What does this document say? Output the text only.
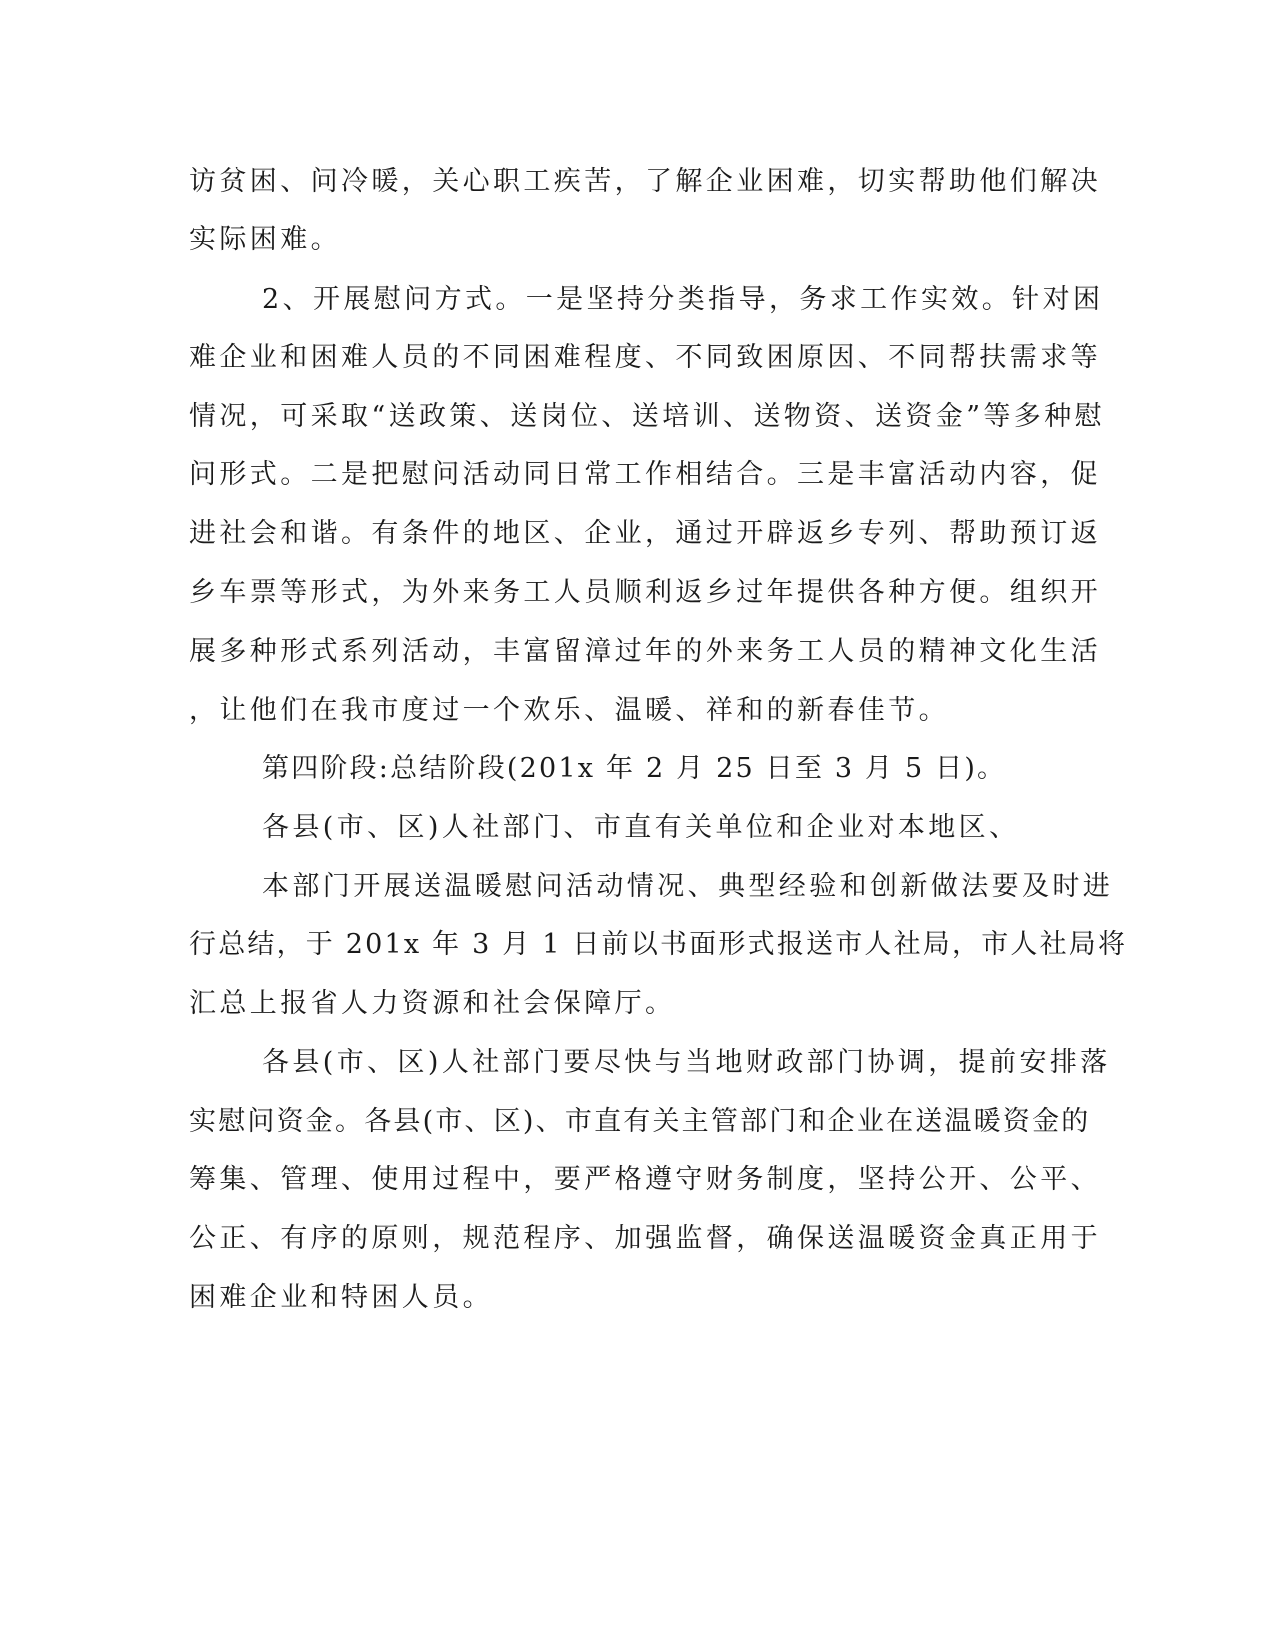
访贫困、问冷暖，关心职工疾苦，了解企业困难，切实帮助他们解决
实际困难。
2、开展慰问方式。一是坚持分类指导，务求工作实效。针对困
难企业和困难人员的不同困难程度、不同致困原因、不同帮扶需求等
情况，可采取“送政策、送岗位、送培训、送物资、送资金”等多种慰
问形式。二是把慰问活动同日常工作相结合。三是丰富活动内容，促
进社会和谐。有条件的地区、企业，通过开辟返乡专列、帮助预订返
乡车票等形式，为外来务工人员顺利返乡过年提供各种方便。组织开
展多种形式系列活动，丰富留漳过年的外来务工人员的精神文化生活
，让他们在我市度过一个欢乐、温暖、祥和的新春佳节。
第四阶段:总结阶段(201x 年 2 月 25 日至 3 月 5 日)。
各县(市、区)人社部门、市直有关单位和企业对本地区、
本部门开展送温暖慰问活动情况、典型经验和创新做法要及时进
行总结，于 201x 年 3 月 1 日前以书面形式报送市人社局，市人社局将
汇总上报省人力资源和社会保障厅。
各县(市、区)人社部门要尽快与当地财政部门协调，提前安排落
实慰问资金。各县(市、区)、市直有关主管部门和企业在送温暖资金的
筹集、管理、使用过程中，要严格遵守财务制度，坚持公开、公平、
公正、有序的原则，规范程序、加强监督，确保送温暖资金真正用于
困难企业和特困人员。
